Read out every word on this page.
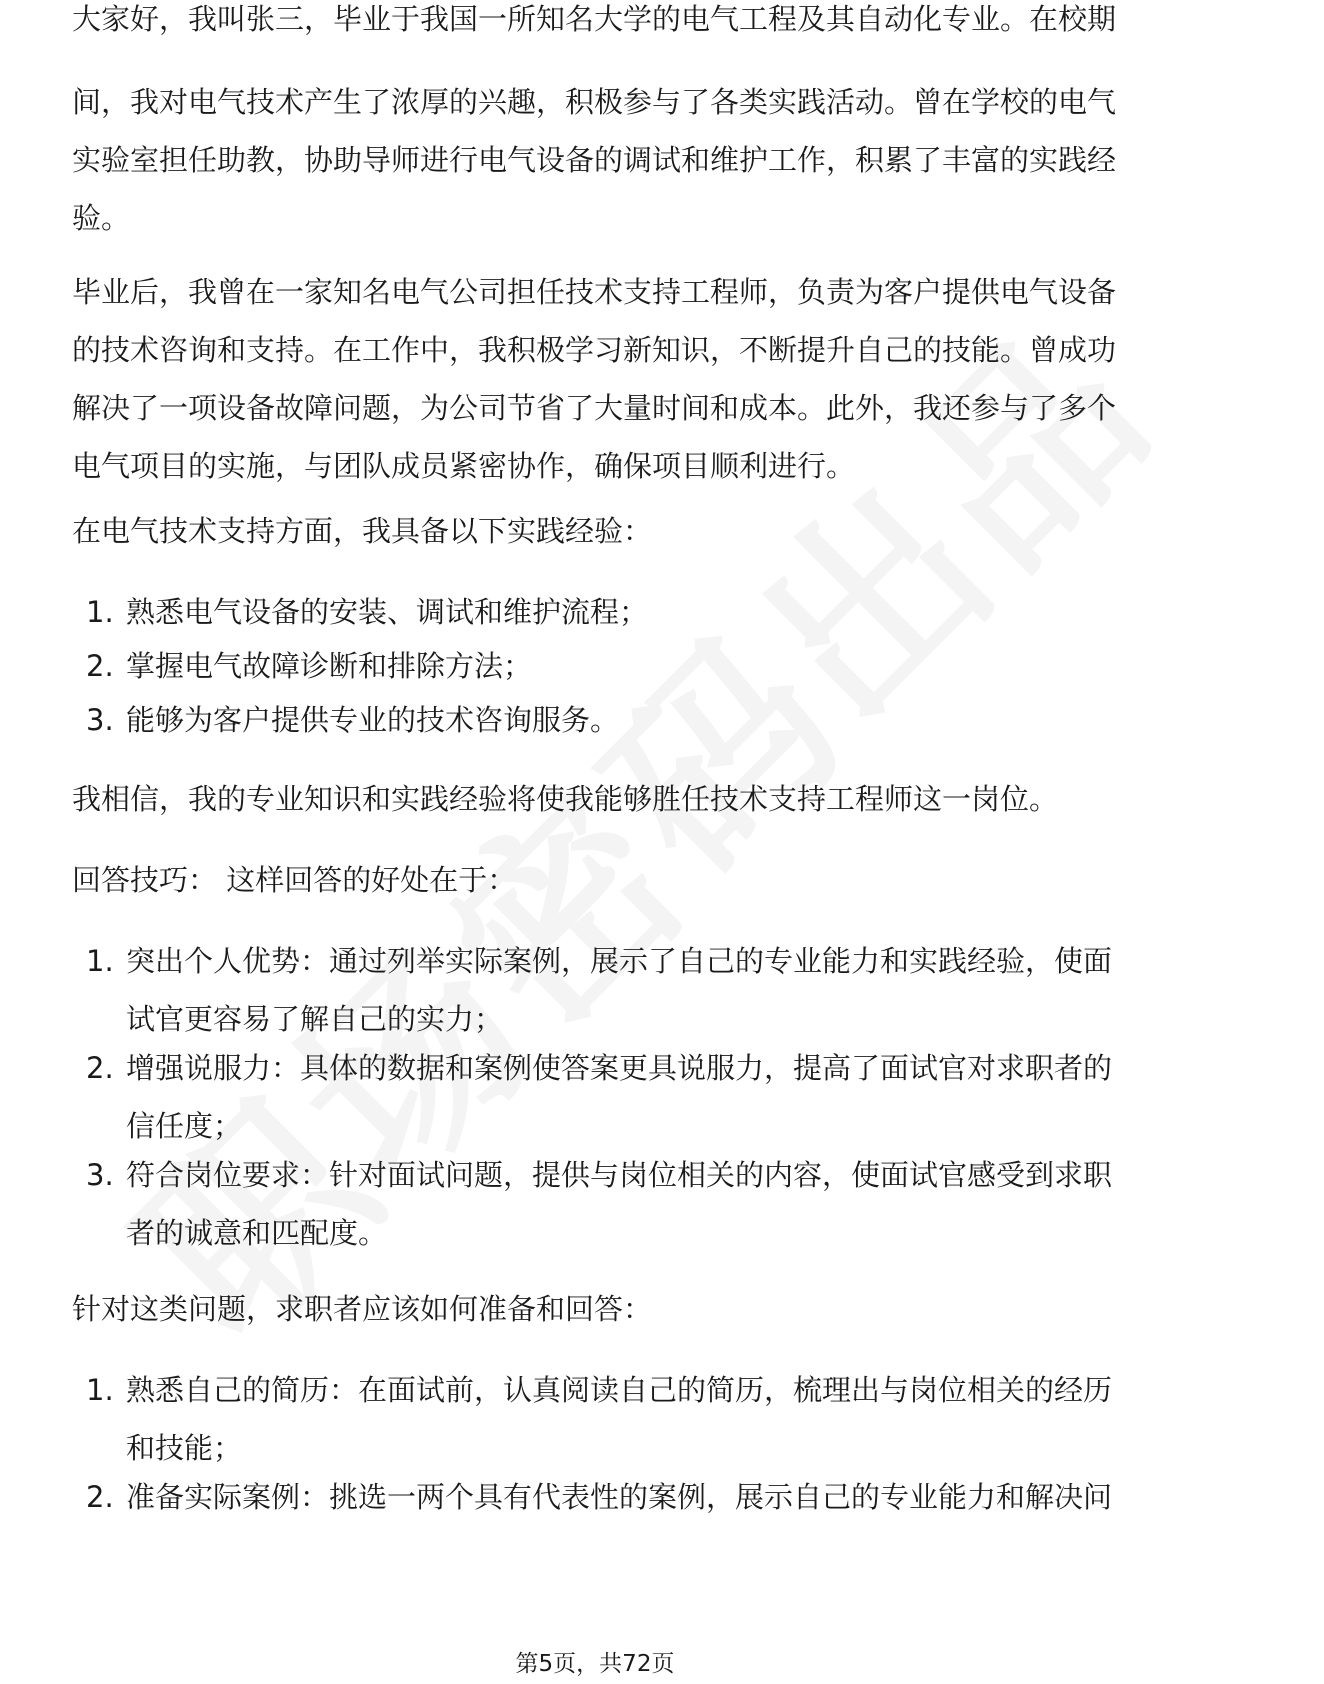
大家好，我叫张三，毕业于我国一所知名大学的电气工程及其自动化专业。在校期

间，我对电气技术产生了浓厚的兴趣，积极参与了各类实践活动。曾在学校的电气实验室担任助教，协助导师进行电气设备的调试和维护工作，积累了丰富的实践经验。

毕业后，我曾在一家知名电气公司担任技术支持工程师，负责为客户提供电气设备的技术咨询和支持。在工作中，我积极学习新知识，不断提升自己的技能。曾成功解决了一项设备故障问题，为公司节省了大量时间和成本。此外，我还参与了多个电气项目的实施，与团队成员紧密协作，确保项目顺利进行。

在电气技术支持方面，我具备以下实践经验：

1. 熟悉电气设备的安装、调试和维护流程；
2. 掌握电气故障诊断和排除方法；
3. 能够为客户提供专业的技术咨询服务。

我相信，我的专业知识和实践经验将使我能够胜任技术支持工程师这一岗位。

回答技巧： 这样回答的好处在于：

1. 突出个人优势：通过列举实际案例，展示了自己的专业能力和实践经验，使面试官更容易了解自己的实力；
2. 增强说服力：具体的数据和案例使答案更具说服力，提高了面试官对求职者的信任度；
3. 符合岗位要求：针对面试问题，提供与岗位相关的内容，使面试官感受到求职者的诚意和匹配度。

针对这类问题，求职者应该如何准备和回答：

1. 熟悉自己的简历：在面试前，认真阅读自己的简历，梳理出与岗位相关的经历和技能；
2. 准备实际案例：挑选一两个具有代表性的案例，展示自己的专业能力和解决问
第5页，共72页
